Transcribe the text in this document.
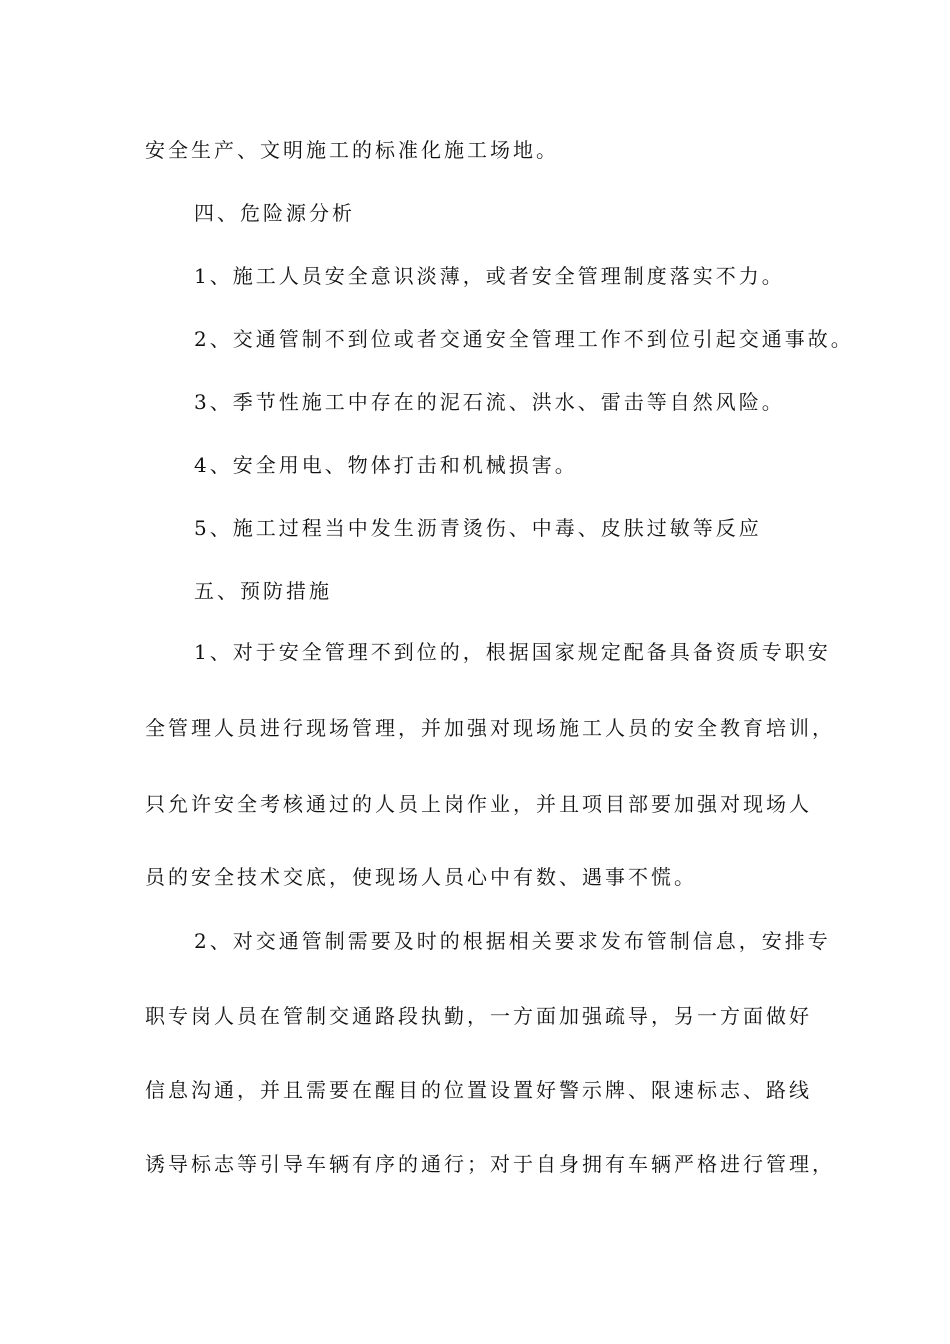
安全生产、文明施工的标准化施工场地。
四、危险源分析
1、施工人员安全意识淡薄，或者安全管理制度落实不力。
2、交通管制不到位或者交通安全管理工作不到位引起交通事故。
3、季节性施工中存在的泥石流、洪水、雷击等自然风险。
4、安全用电、物体打击和机械损害。
5、施工过程当中发生沥青烫伤、中毒、皮肤过敏等反应
五、预防措施
1、对于安全管理不到位的，根据国家规定配备具备资质专职安
全管理人员进行现场管理，并加强对现场施工人员的安全教育培训，
只允许安全考核通过的人员上岗作业，并且项目部要加强对现场人
员的安全技术交底，使现场人员心中有数、遇事不慌。
2、对交通管制需要及时的根据相关要求发布管制信息，安排专
职专岗人员在管制交通路段执勤，一方面加强疏导，另一方面做好
信息沟通，并且需要在醒目的位置设置好警示牌、限速标志、路线
诱导标志等引导车辆有序的通行；对于自身拥有车辆严格进行管理，
